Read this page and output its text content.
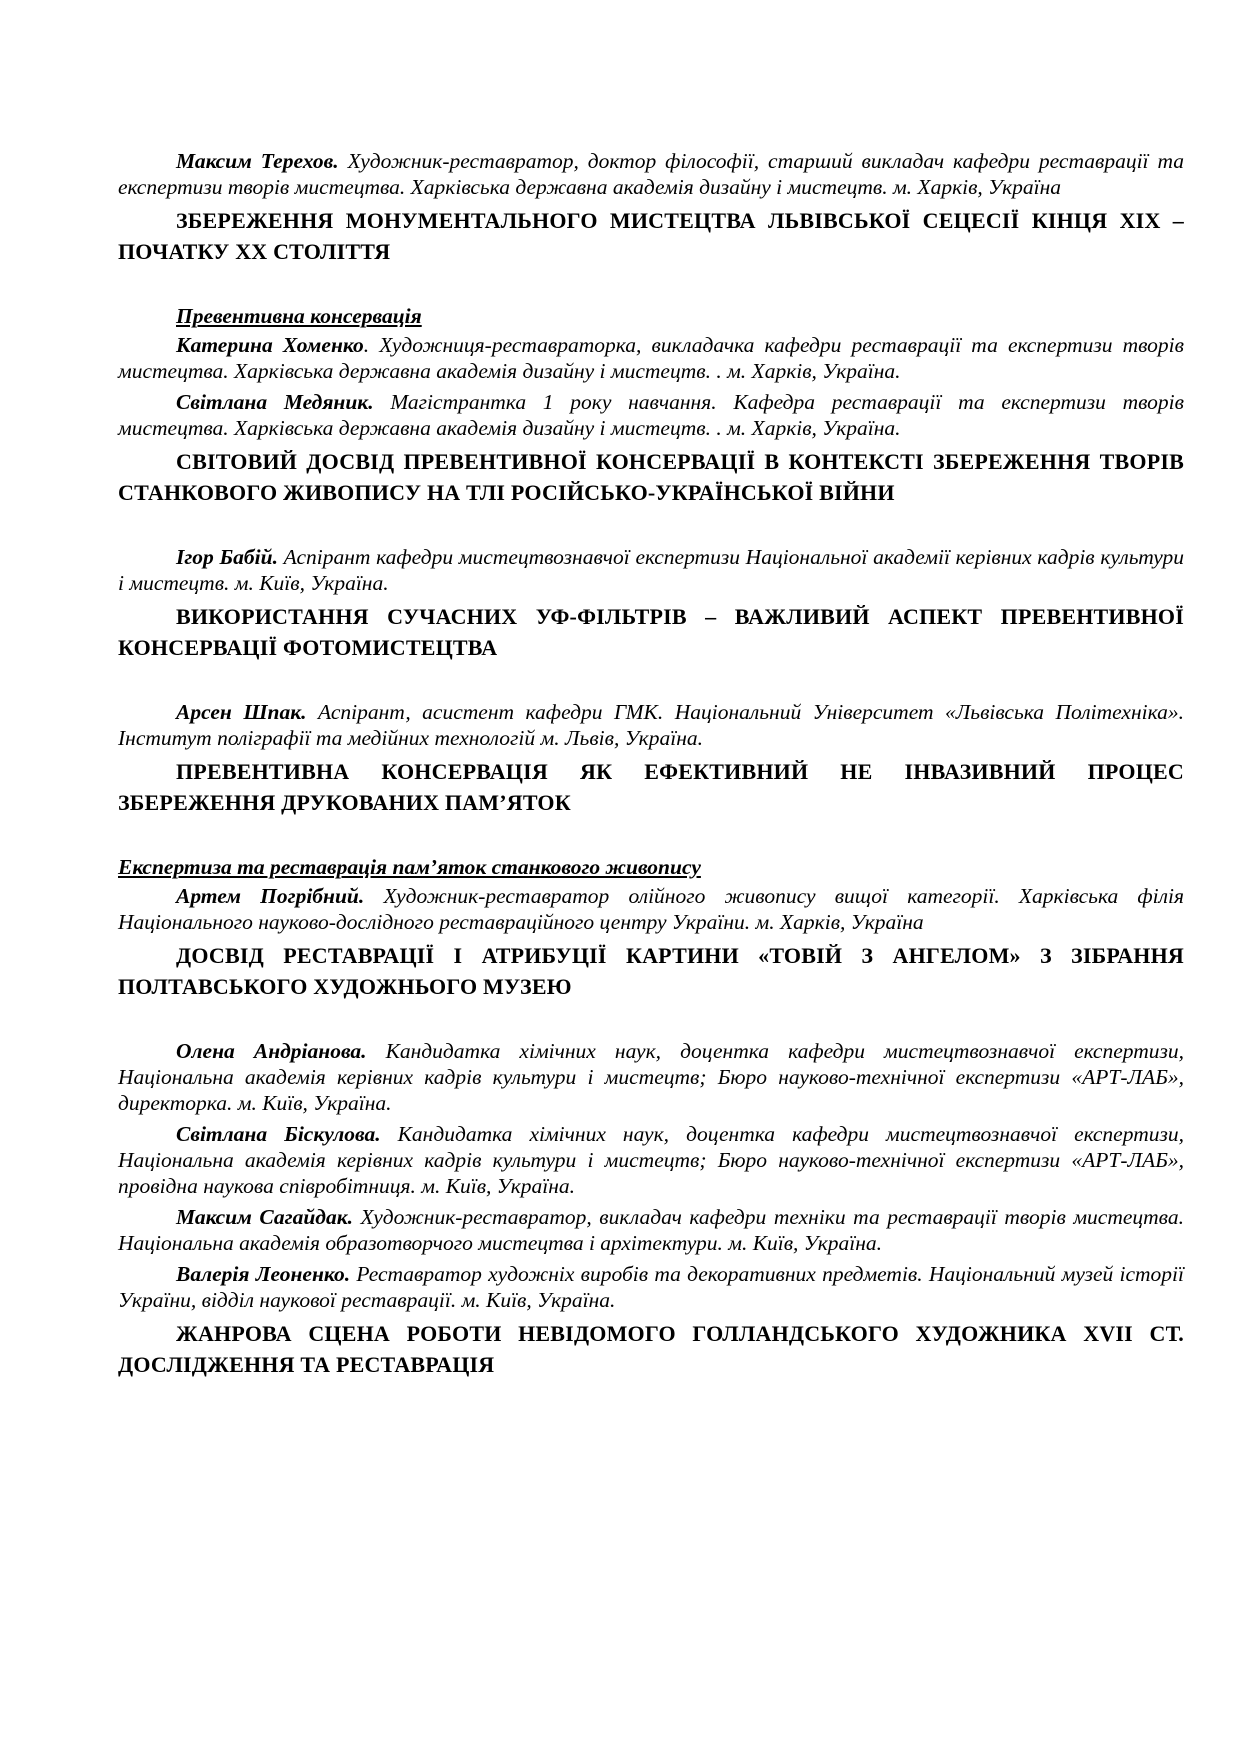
Максим Терехов. Художник-реставратор, доктор філософії, старший викладач кафедри реставрації та експертизи творів мистецтва. Харківська державна академія дизайну і мистецтв. м. Харків, Україна

ЗБЕРЕЖЕННЯ МОНУМЕНТАЛЬНОГО МИСТЕЦТВА ЛЬВІВСЬКОЇ СЕЦЕСІЇ КІНЦЯ XIX – ПОЧАТКУ XX СТОЛІТТЯ

Превентивна консервація

Катерина Хоменко. Художниця-реставраторка, викладачка кафедри реставрації та експертизи творів мистецтва. Харківська державна академія дизайну і мистецтв. . м. Харків, Україна.

Світлана Медяник. Магістрантка 1 року навчання. Кафедра реставрації та експертизи творів мистецтва. Харківська державна академія дизайну і мистецтв. . м. Харків, Україна.

СВІТОВИЙ ДОСВІД ПРЕВЕНТИВНОЇ КОНСЕРВАЦІЇ В КОНТЕКСТІ ЗБЕРЕЖЕННЯ ТВОРІВ СТАНКОВОГО ЖИВОПИСУ НА ТЛІ РОСІЙСЬКО-УКРАЇНСЬКОЇ ВІЙНИ

Ігор Бабій. Аспірант кафедри мистецтвознавчої експертизи Національної академії керівних кадрів культури і мистецтв. м. Київ, Україна.

ВИКОРИСТАННЯ СУЧАСНИХ УФ-ФІЛЬТРІВ – ВАЖЛИВИЙ АСПЕКТ ПРЕВЕНТИВНОЇ КОНСЕРВАЦІЇ ФОТОМИСТЕЦТВА

Арсен Шпак. Аспірант, асистент кафедри ГМК. Національний Університет «Львівська Політехніка». Інститут поліграфії та медійних технологій м. Львів, Україна.

ПРЕВЕНТИВНА КОНСЕРВАЦІЯ ЯК ЕФЕКТИВНИЙ НЕ ІНВАЗИВНИЙ ПРОЦЕС ЗБЕРЕЖЕННЯ ДРУКОВАНИХ ПАМ’ЯТОК

Експертиза та реставрація пам’яток станкового живопису

Артем Погрібний. Художник-реставратор олійного живопису вищої категорії. Харківська філія Національного науково-дослідного реставраційного центру України. м. Харків, Україна

ДОСВІД РЕСТАВРАЦІЇ І АТРИБУЦІЇ КАРТИНИ «ТОВІЙ З АНГЕЛОМ» З ЗІБРАННЯ ПОЛТАВСЬКОГО ХУДОЖНЬОГО МУЗЕЮ

Олена Андріанова. Кандидатка хімічних наук, доцентка кафедри мистецтвознавчої експертизи, Національна академія керівних кадрів культури і мистецтв; Бюро науково-технічної експертизи «АРТ-ЛАБ», директорка. м. Київ, Україна.

Світлана Біскулова. Кандидатка хімічних наук, доцентка кафедри мистецтвознавчої експертизи, Національна академія керівних кадрів культури і мистецтв; Бюро науково-технічної експертизи «АРТ-ЛАБ», провідна наукова співробітниця. м. Київ, Україна.

Максим Сагайдак. Художник-реставратор, викладач кафедри техніки та реставрації творів мистецтва. Національна академія образотворчого мистецтва і архітектури. м. Київ, Україна.

Валерія Леоненко. Реставратор художніх виробів та декоративних предметів. Національний музей історії України, відділ наукової реставрації. м. Київ, Україна.

ЖАНРОВА СЦЕНА РОБОТИ НЕВІДОМОГО ГОЛЛАНДСЬКОГО ХУДОЖНИКА XVII СТ. ДОСЛІДЖЕННЯ ТА РЕСТАВРАЦІЯ
